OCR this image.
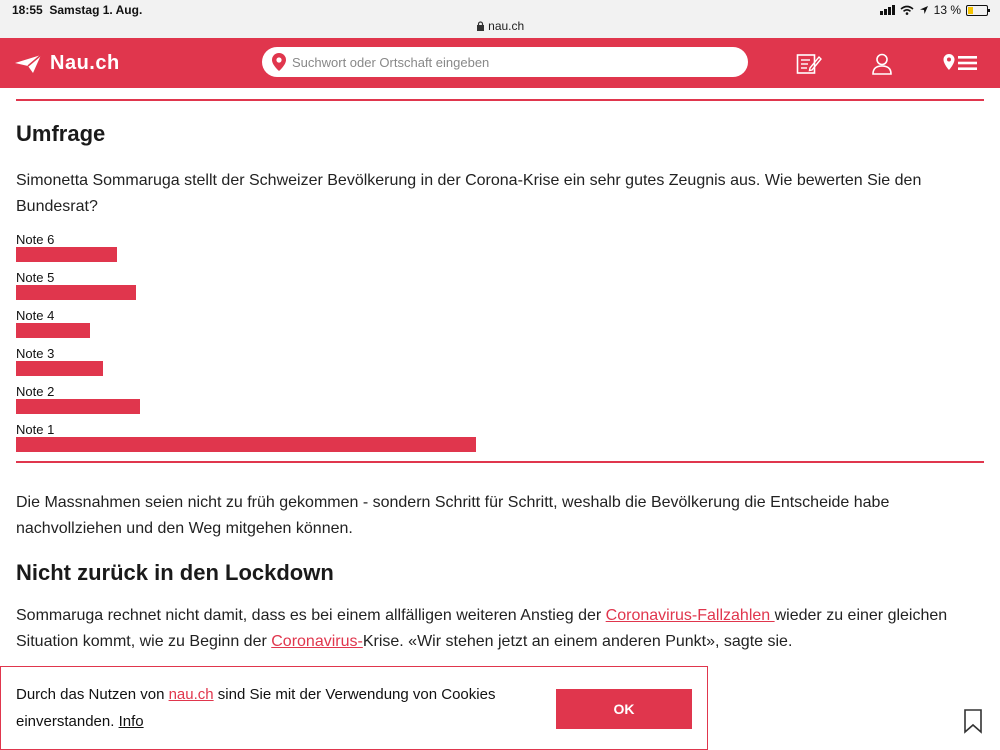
18:55 Samstag 1. Aug.
nau.ch
13 %
Nau.ch	Suchwort oder Ortschaft eingeben
Umfrage

Simonetta Sommaruga stellt der Schweizer Bevölkerung in der Corona-Krise ein sehr gutes Zeugnis aus. Wie bewerten Sie den Bundesrat?

Note 6
Note 5
Note 4
Note 3
Note 2
Note 1

Die Massnahmen seien nicht zu früh gekommen - sondern Schritt für Schritt, weshalb die Bevölkerung die Entscheide habe nachvollziehen und den Weg mitgehen können.

Nicht zurück in den Lockdown

Sommaruga rechnet nicht damit, dass es bei einem allfälligen weiteren Anstieg der Coronavirus-Fallzahlen wieder zu einer gleichen Situation kommt, wie zu Beginn der Coronavirus-Krise. «Wir stehen jetzt an einem anderen Punkt», sagte sie.

Durch das Nutzen von nau.ch sind Sie mit der Verwendung von Cookies einverstanden. Info
OK
